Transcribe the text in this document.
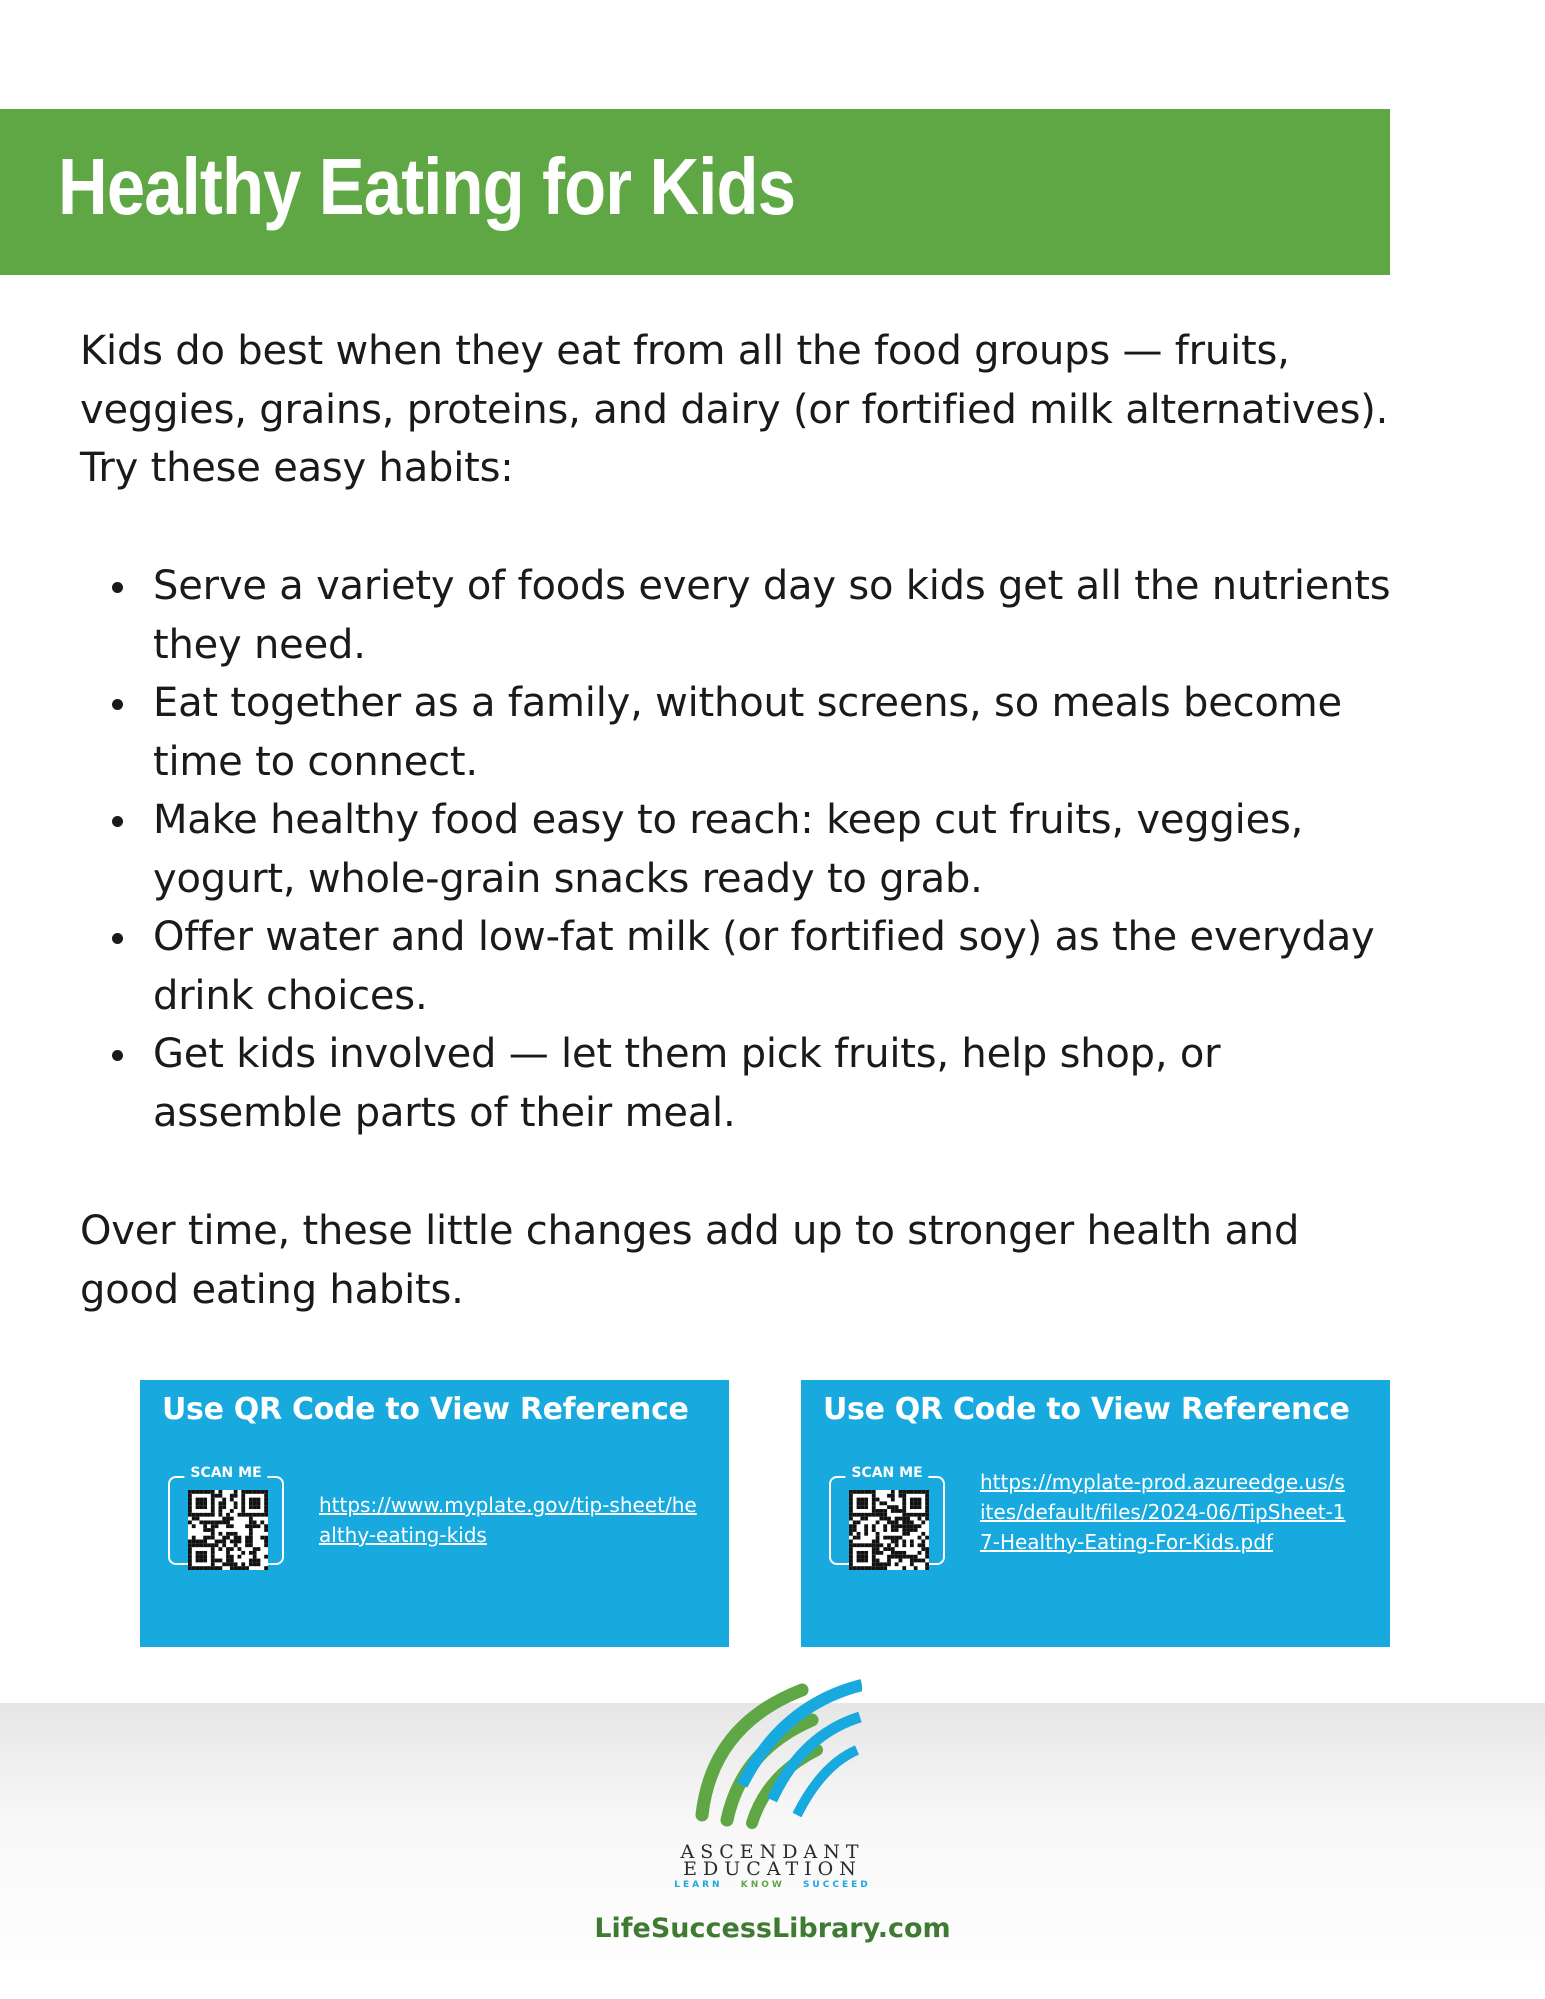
Healthy Eating for Kids

Kids do best when they eat from all the food groups — fruits, veggies, grains, proteins, and dairy (or fortified milk alternatives). Try these easy habits:

Serve a variety of foods every day so kids get all the nutrients they need.
Eat together as a family, without screens, so meals become time to connect.
Make healthy food easy to reach: keep cut fruits, veggies, yogurt, whole-grain snacks ready to grab.
Offer water and low-fat milk (or fortified soy) as the everyday drink choices.
Get kids involved — let them pick fruits, help shop, or assemble parts of their meal.

Over time, these little changes add up to stronger health and good eating habits.

Use QR Code to View Reference
SCAN ME
https://www.myplate.gov/tip-sheet/healthy-eating-kids
Use QR Code to View Reference
SCAN ME	https://myplate-prod.azureedge.us/sites/default/files/2024-06/TipSheet-17-Healthy-Eating-For-Kids.pdf
ASCENDANT
EDUCATION
LEARN KNOW SUCCEED
LifeSuccessLibrary.com
